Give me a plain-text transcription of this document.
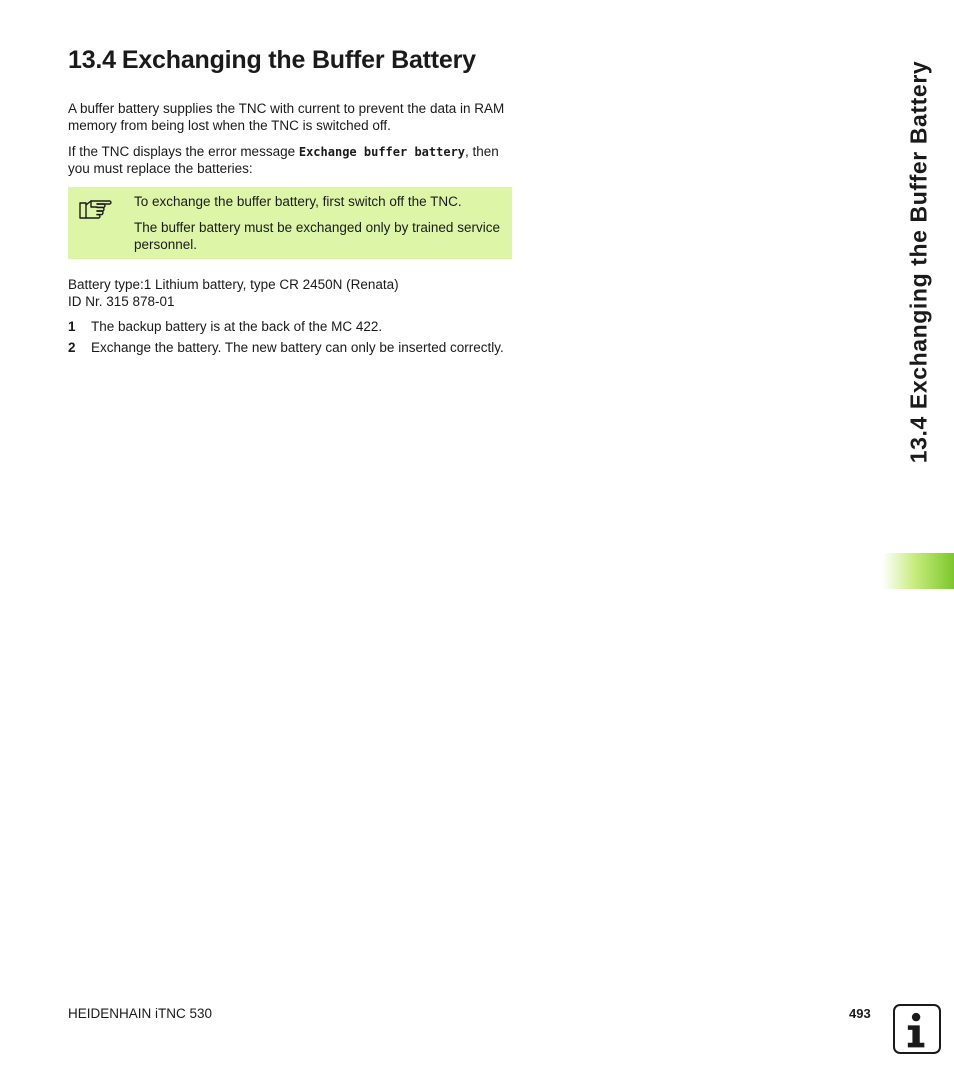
13.4 Exchanging the Buffer Battery

A buffer battery supplies the TNC with current to prevent the data in RAM memory from being lost when the TNC is switched off.

If the TNC displays the error message Exchange buffer battery, then you must replace the batteries:

To exchange the buffer battery, first switch off the TNC.

The buffer battery must be exchanged only by trained service personnel.

Battery type:1 Lithium battery, type CR 2450N (Renata)
ID Nr. 315 878-01

1 The backup battery is at the back of the MC 422.
2 Exchange the battery. The new battery can only be inserted correctly.	13.4 Exchanging the Buffer Battery
HEIDENHAIN iTNC 530	493
